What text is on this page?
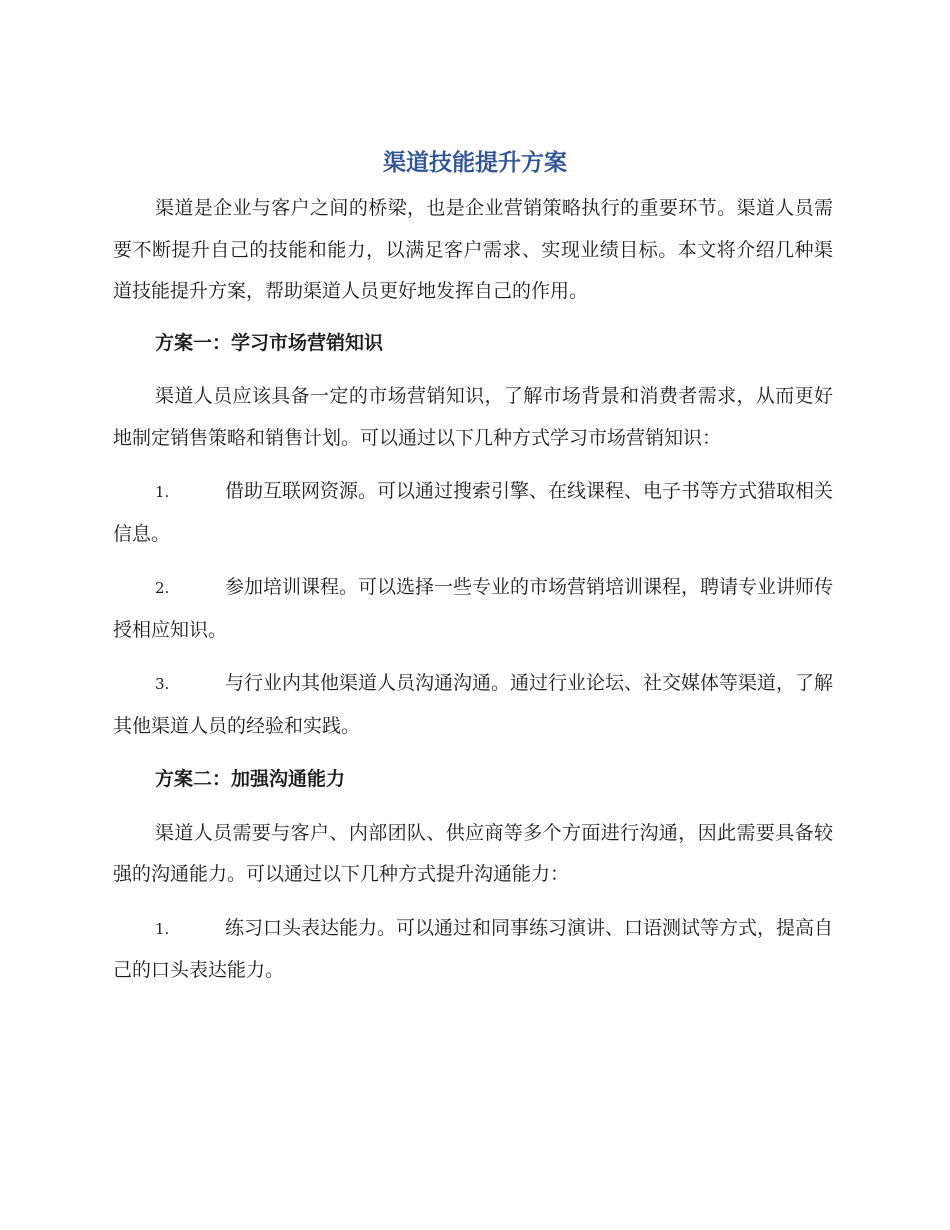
渠道技能提升方案

渠道是企业与客户之间的桥梁，也是企业营销策略执行的重要环节。渠道人员需要不断提升自己的技能和能力，以满足客户需求、实现业绩目标。本文将介绍几种渠道技能提升方案，帮助渠道人员更好地发挥自己的作用。

方案一：学习市场营销知识

渠道人员应该具备一定的市场营销知识，了解市场背景和消费者需求，从而更好地制定销售策略和销售计划。可以通过以下几种方式学习市场营销知识：

1.	借助互联网资源。可以通过搜索引擎、在线课程、电子书等方式猎取相关信息。

2.	参加培训课程。可以选择一些专业的市场营销培训课程，聘请专业讲师传授相应知识。

3.	与行业内其他渠道人员沟通沟通。通过行业论坛、社交媒体等渠道，了解其他渠道人员的经验和实践。

方案二：加强沟通能力

渠道人员需要与客户、内部团队、供应商等多个方面进行沟通，因此需要具备较强的沟通能力。可以通过以下几种方式提升沟通能力：

1.	练习口头表达能力。可以通过和同事练习演讲、口语测试等方式，提高自己的口头表达能力。
